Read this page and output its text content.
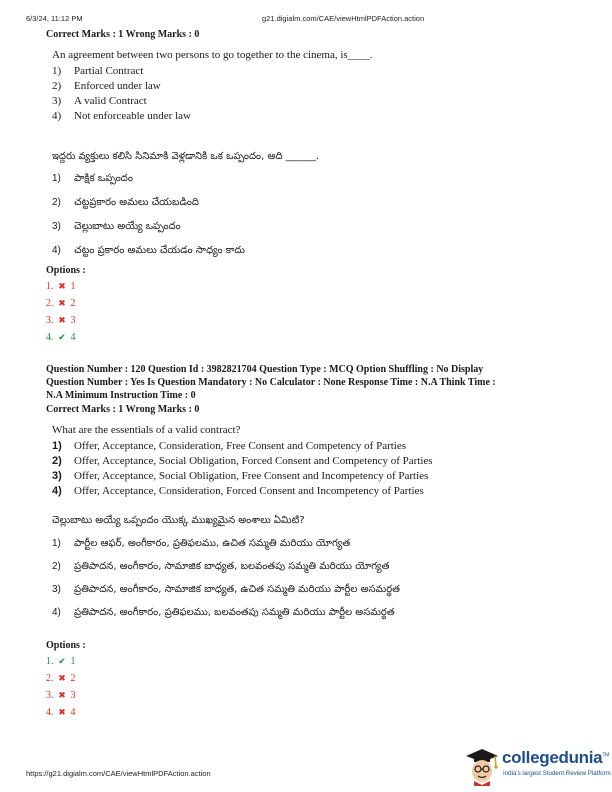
6/3/24, 11:12 PM	g21.digialm.com/CAE/viewHtmlPDFAction.action
Correct Marks : 1 Wrong Marks : 0
An agreement between two persons to go together to the cinema, is____.
1) Partial Contract
2) Enforced under law
3) A valid Contract
4) Not enforceable under law
ఇద్దరు వ్యక్తులు కలిసి సినిమాకి వెళ్లడానికి ఒక ఒప్పందం, అది ______.
1) పాక్షిక ఒప్పందం
2) చట్టప్రకారం అమలు చేయబడింది
3) చెల్లుబాటు అయ్యే ఒప్పందం
4) చట్టం ప్రకారం అమలు చేయడం సాధ్యం కాదు
Options :
1. ✖ 1
2. ✖ 2
3. ✖ 3
4. ✔ 4
Question Number : 120 Question Id : 3982821704 Question Type : MCQ Option Shuffling : No Display
Question Number : Yes Is Question Mandatory : No Calculator : None Response Time : N.A Think Time :
N.A Minimum Instruction Time : 0
Correct Marks : 1 Wrong Marks : 0
What are the essentials of a valid contract?
1) Offer, Acceptance, Consideration, Free Consent and Competency of Parties
2) Offer, Acceptance, Social Obligation, Forced Consent and Competency of Parties
3) Offer, Acceptance, Social Obligation, Free Consent and Incompetency of Parties
4) Offer, Acceptance, Consideration, Forced Consent and Incompetency of Parties
చెల్లుబాటు అయ్యే ఒప్పందం యొక్క ముఖ్యమైన అంశాలు ఏమిటి?
1) పార్టీల ఆఫర్, అంగీకారం, ప్రతిఫలము, ఉచిత సమ్మతి మరియు యోగ్యత
2) ప్రతిపాదన, అంగీకారం, సామాజిక బాధ్యత, బలవంతపు సమ్మతి మరియు యోగ్యత
3) ప్రతిపాదన, అంగీకారం, సామాజిక బాధ్యత, ఉచిత సమ్మతి మరియు పార్టీల అసమర్థత
4) ప్రతిపాదన, అంగీకారం, ప్రతిఫలము, బలవంతపు సమ్మతి మరియు పార్టీల అసమర్థత
Options :
1. ✔ 1
2. ✖ 2
3. ✖ 3
4. ✖ 4
https://g21.digialm.com/CAE/viewHtmlPDFAction.action
collegedunia™
India's largest Student Review Platform
